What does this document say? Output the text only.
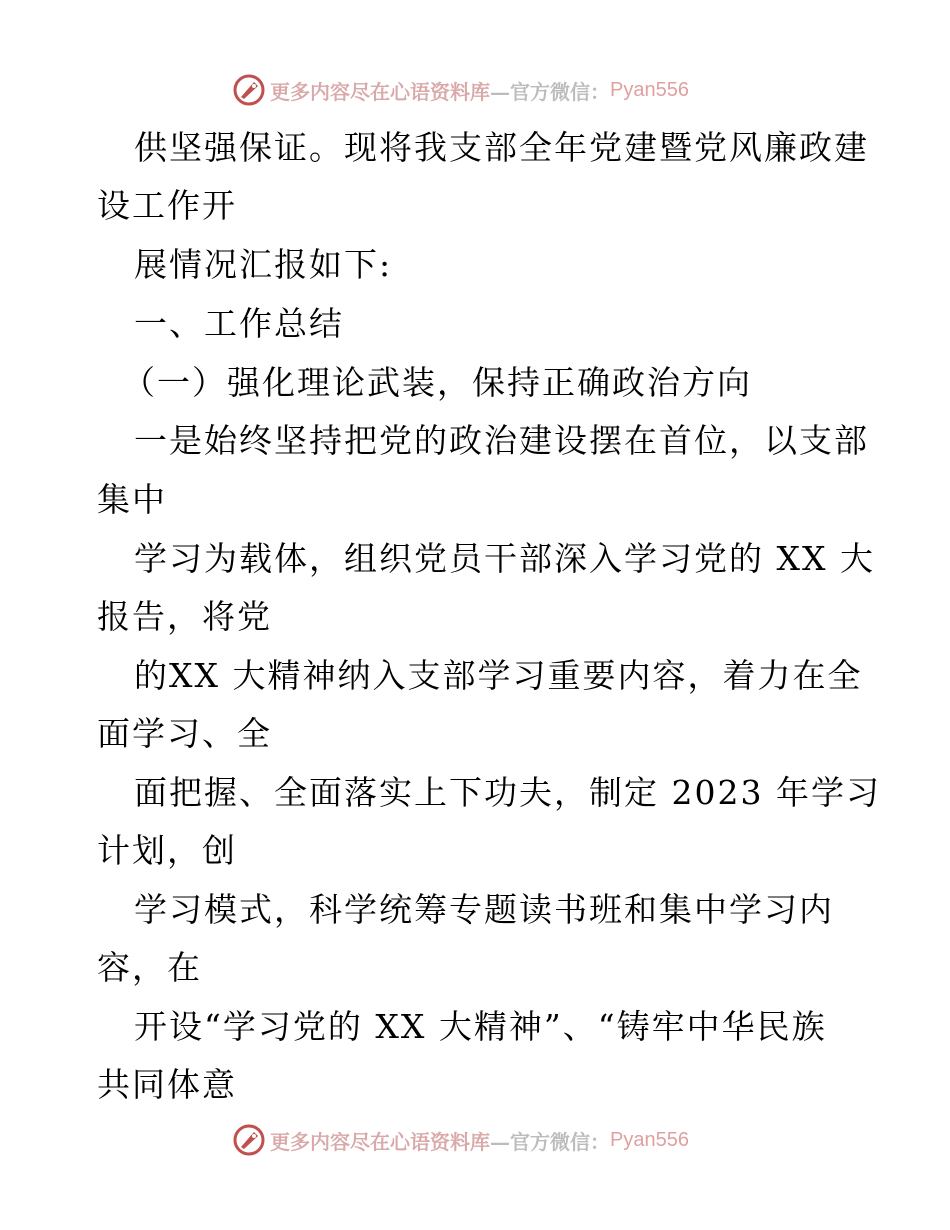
更多内容尽在心语资料库 —官方微信： Pyan556
供坚强保证。现将我支部全年党建暨党风廉政建
设工作开
展情况汇报如下:
一、工作总结
（一）强化理论武装，保持正确政治方向
一是始终坚持把党的政治建设摆在首位，以支部
集中
学习为载体，组织党员干部深入学习党的 XX 大
报告，将党
的XX 大精神纳入支部学习重要内容，着力在全
面学习、全
面把握、全面落实上下功夫，制定 2023 年学习
计划，创
学习模式，科学统筹专题读书班和集中学习内
容，在
开设“学习党的 XX 大精神”、“铸牢中华民族
共同体意
更多内容尽在心语资料库 —官方微信： Pyan556
